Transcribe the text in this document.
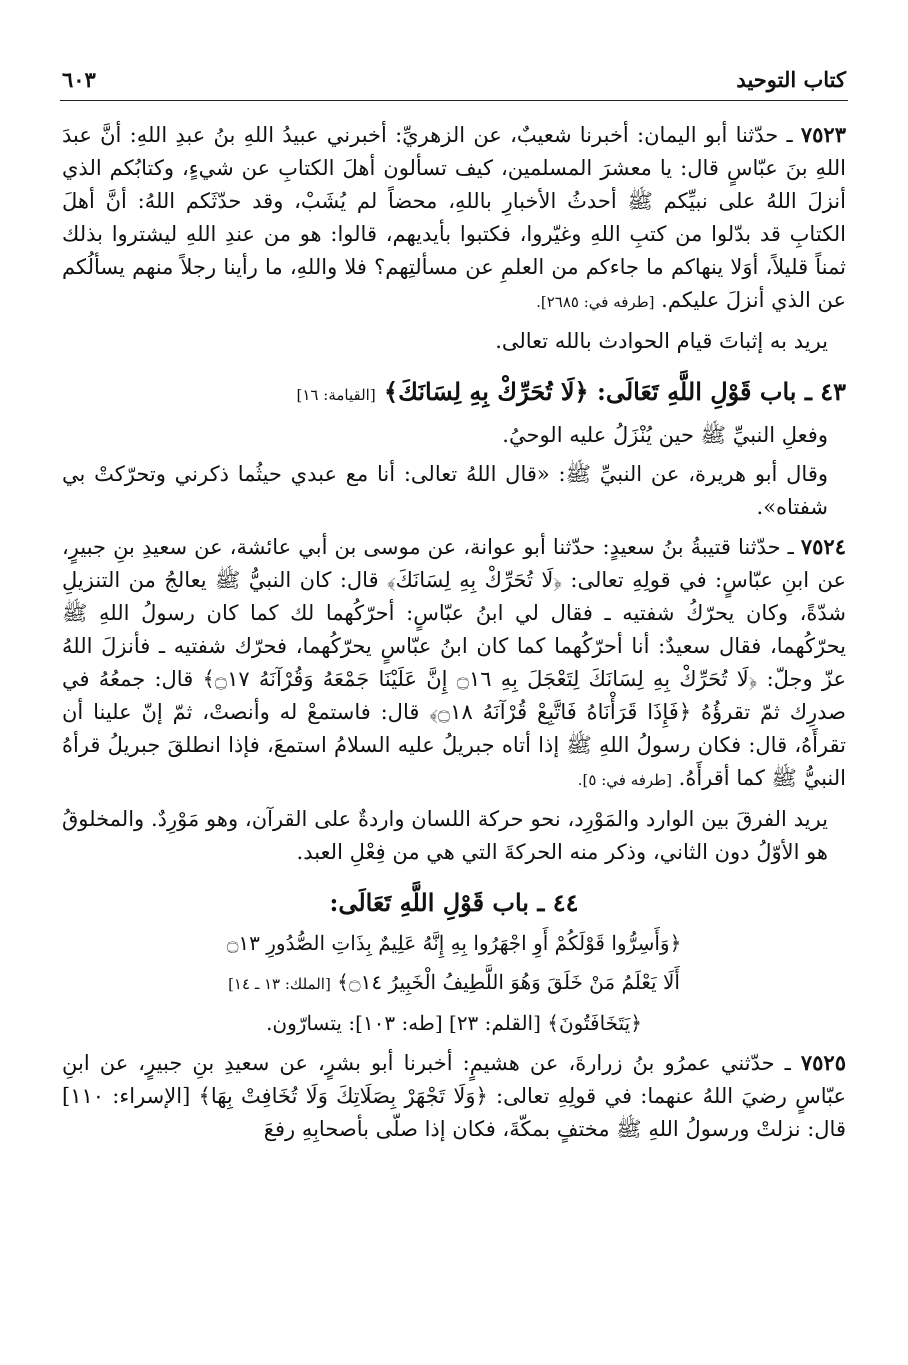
٦٠٣	كتاب التوحيد

٧٥٢٣ ـ حدّثنا أبو اليمان: أخبرنا شعيبٌ، عن الزهريِّ: أخبرني عبيدُ اللهِ بنُ عبدِ اللهِ: أنَّ عبدَ اللهِ بنَ عبّاسٍ قال: يا معشرَ المسلمين، كيف تسألون أهلَ الكتابِ عن شيءٍ، وكتابُكم الذي أنزلَ اللهُ على نبيِّكم ﷺ أحدثُ الأخبارِ باللهِ، محضاً لم يُشَبْ، وقد حدّثَكم اللهُ: أنَّ أهلَ الكتابِ قد بدّلوا من كتبِ اللهِ وغيّروا، فكتبوا بأيديهم، قالوا: هو من عندِ اللهِ ليشتروا بذلك ثمناً قليلاً، أوَلا ينهاكم ما جاءكم من العلمِ عن مسألتِهم؟ فلا واللهِ، ما رأينا رجلاً منهم يسألُكم عن الذي أنزلَ عليكم. [طرفه في: ٢٦٨٥].

يريد به إثباتَ قيام الحوادث بالله تعالى.

٤٣ ـ باب قَوْلِ اللَّهِ تَعَالَى: ﴿لَا تُحَرِّكْ بِهِ لِسَانَكَ﴾ [القيامة: ١٦]

وفعلِ النبيِّ ﷺ حين يُنْزَلُ عليه الوحيُ.

وقال أبو هريرة، عن النبيِّ ﷺ: «قال اللهُ تعالى: أنا مع عبدي حيثُما ذكرني وتحرّكتْ بي شفتاه».

٧٥٢٤ ـ حدّثنا قتيبةُ بنُ سعيدٍ: حدّثنا أبو عوانة، عن موسى بن أبي عائشة، عن سعيدِ بنِ جبيرٍ، عن ابنِ عبّاسٍ: في قولِهِ تعالى: ﴿لَا تُحَرِّكْ بِهِ لِسَانَكَ﴾ قال: كان النبيُّ ﷺ يعالجُ من التنزيلِ شدّةً، وكان يحرّكُ شفتيه ـ فقال لي ابنُ عبّاسٍ: أحرّكُهما لك كما كان رسولُ اللهِ ﷺ يحرّكُهما، فقال سعيدٌ: أنا أحرّكُهما كما كان ابنُ عبّاسٍ يحرّكُهما، فحرّك شفتيه ـ فأنزلَ اللهُ عزّ وجلّ: ﴿لَا تُحَرِّكْ بِهِ لِسَانَكَ لِتَعْجَلَ بِهِ ۝١٦ إِنَّ عَلَيْنَا جَمْعَهُ وَقُرْآنَهُ ۝١٧﴾ قال: جمعُهُ في صدرِك ثمّ تقرؤُهُ ﴿فَإِذَا قَرَأْنَاهُ فَاتَّبِعْ قُرْآنَهُ ۝١٨﴾ قال: فاستمعْ له وأنصتْ، ثمّ إنّ علينا أن تقرأَهُ، قال: فكان رسولُ اللهِ ﷺ إذا أتاه جبريلُ عليه السلامُ استمعَ، فإذا انطلقَ جبريلُ قرأهُ النبيُّ ﷺ كما أقرأَهُ. [طرفه في: ٥].

يريد الفرقَ بين الوارد والمَوْرِد، نحو حركة اللسان واردةٌ على القرآن، وهو مَوْرِدٌ. والمخلوقُ هو الأوّلُ دون الثاني، وذكر منه الحركةَ التي هي من فِعْلِ العبد.

٤٤ ـ باب قَوْلِ اللَّهِ تَعَالَى:

﴿وَأَسِرُّوا قَوْلَكُمْ أَوِ اجْهَرُوا بِهِ إِنَّهُ عَلِيمٌ بِذَاتِ الصُّدُورِ ۝١٣

أَلَا يَعْلَمُ مَنْ خَلَقَ وَهُوَ اللَّطِيفُ الْخَبِيرُ ۝١٤﴾ [الملك: ١٣ ـ ١٤]

﴿يَتَخَافَتُونَ﴾ [القلم: ٢٣] [طه: ١٠٣]: يتسارّون.

٧٥٢٥ ـ حدّثني عمرُو بنُ زرارةَ، عن هشيمٍ: أخبرنا أبو بشرٍ، عن سعيدِ بنِ جبيرٍ، عن ابنِ عبّاسٍ رضيَ اللهُ عنهما: في قولِهِ تعالى: ﴿وَلَا تَجْهَرْ بِصَلَاتِكَ وَلَا تُخَافِتْ بِهَا﴾ [الإسراء: ١١٠] قال: نزلتْ ورسولُ اللهِ ﷺ مختفٍ بمكّةَ، فكان إذا صلّى بأصحابِهِ رفعَ
